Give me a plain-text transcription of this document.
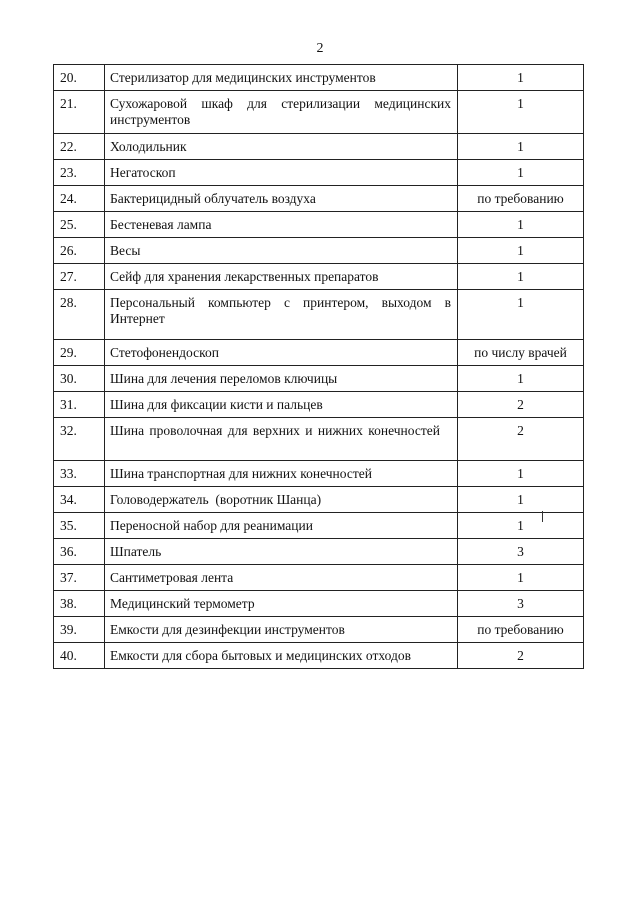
2
20.	Стерилизатор для медицинских инструментов	1
21.	Сухожаровой шкаф для стерилизации медицинских инструментов	1
22.	Холодильник	1
23.	Негатоскоп	1
24.	Бактерицидный облучатель воздуха	по требованию
25.	Бестеневая лампа	1
26.	Весы	1
27.	Сейф для хранения лекарственных препаратов	1
28.	Персональный компьютер с принтером, выходом в Интернет	1
29.	Стетофонендоскоп	по числу врачей
30.	Шина для лечения переломов ключицы	1
31.	Шина для фиксации кисти и пальцев	2
32.	Шина проволочная для верхних и нижних конечностей	2
33.	Шина транспортная для нижних конечностей	1
34.	Головодержатель  (воротник Шанца)	1
35.	Переносной набор для реанимации	1
36.	Шпатель	3
37.	Сантиметровая лента	1
38.	Медицинский термометр	3
39.	Емкости для дезинфекции инструментов	по требованию
40.	Емкости для сбора бытовых и медицинских отходов	2
